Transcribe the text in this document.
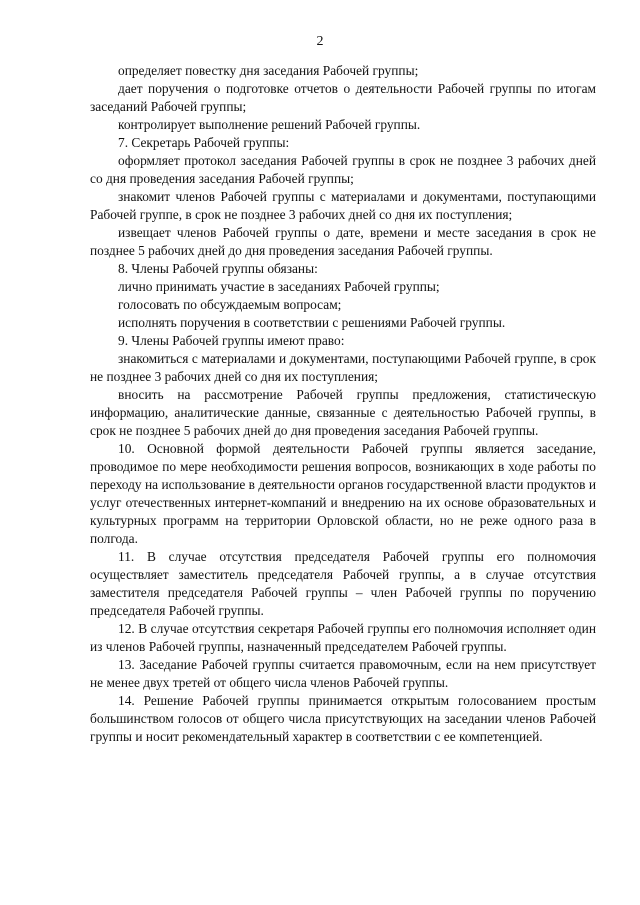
2

определяет повестку дня заседания Рабочей группы;

дает поручения о подготовке отчетов о деятельности Рабочей группы по итогам заседаний Рабочей группы;

контролирует выполнение решений Рабочей группы.

7. Секретарь Рабочей группы:

оформляет протокол заседания Рабочей группы в срок не позднее 3 рабочих дней со дня проведения заседания Рабочей группы;

знакомит членов Рабочей группы с материалами и документами, поступающими Рабочей группе, в срок не позднее 3 рабочих дней со дня их поступления;

извещает членов Рабочей группы о дате, времени и месте заседания в срок не позднее 5 рабочих дней до дня проведения заседания Рабочей группы.

8. Члены Рабочей группы обязаны:

лично принимать участие в заседаниях Рабочей группы;

голосовать по обсуждаемым вопросам;

исполнять поручения в соответствии с решениями Рабочей группы.

9. Члены Рабочей группы имеют право:

знакомиться с материалами и документами, поступающими Рабочей группе, в срок не позднее 3 рабочих дней со дня их поступления;

вносить на рассмотрение Рабочей группы предложения, статистическую информацию, аналитические данные, связанные с деятельностью Рабочей группы, в срок не позднее 5 рабочих дней до дня проведения заседания Рабочей группы.

10. Основной формой деятельности Рабочей группы является заседание, проводимое по мере необходимости решения вопросов, возникающих в ходе работы по переходу на использование в деятельности органов государственной власти продуктов и услуг отечественных интернет-компаний и внедрению на их основе образовательных и культурных программ на территории Орловской области, но не реже одного раза в полгода.

11. В случае отсутствия председателя Рабочей группы его полномочия осуществляет заместитель председателя Рабочей группы, а в случае отсутствия заместителя председателя Рабочей группы – член Рабочей группы по поручению председателя Рабочей группы.

12. В случае отсутствия секретаря Рабочей группы его полномочия исполняет один из членов Рабочей группы, назначенный председателем Рабочей группы.

13. Заседание Рабочей группы считается правомочным, если на нем присутствует не менее двух третей от общего числа членов Рабочей группы.

14. Решение Рабочей группы принимается открытым голосованием простым большинством голосов от общего числа присутствующих на заседании членов Рабочей группы и носит рекомендательный характер в соответствии с ее компетенцией.
